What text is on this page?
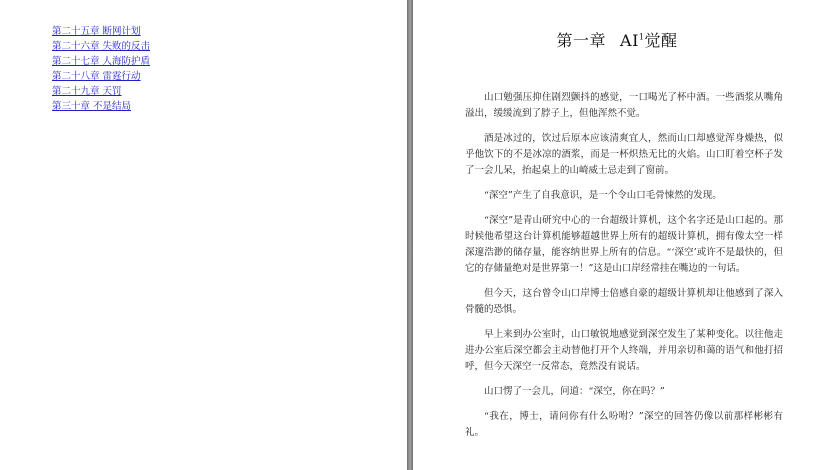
第二十五章 断网计划
第二十六章 失败的反击
第二十七章 人海防护盾
第二十八章 雷霆行动
第二十九章 天罚
第三十章 不是结局
第一章 $AI^1$觉醒

山口勉强压抑住剧烈颤抖的感觉，一口喝光了杯中酒。一些酒浆从嘴角溢出，缓缓流到了脖子上，但他浑然不觉。

酒是冰过的，饮过后原本应该清爽宜人，然而山口却感觉浑身燥热，似乎他饮下的不是冰凉的酒浆，而是一杯炽热无比的火焰。山口盯着空杯子发了一会儿呆，抬起桌上的山崎威士忌走到了窗前。

“深空”产生了自我意识，是一个令山口毛骨悚然的发现。

“深空”是青山研究中心的一台超级计算机，这个名字还是山口起的。那时候他希望这台计算机能够超越世界上所有的超级计算机，拥有像太空一样深邃浩渺的储存量，能容纳世界上所有的信息。“‘深空’或许不是最快的，但它的存储量绝对是世界第一！”这是山口岸经常挂在嘴边的一句话。

但今天，这台曾令山口岸博士倍感自豪的超级计算机却让他感到了深入骨髓的恐惧。

早上来到办公室时，山口敏锐地感觉到深空发生了某种变化。以往他走进办公室后深空都会主动替他打开个人终端，并用亲切和蔼的语气和他打招呼，但今天深空一反常态，竟然没有说话。

山口愣了一会儿，问道：“深空，你在吗？”

“我在，博士，请问你有什么吩咐？”深空的回答仍像以前那样彬彬有礼。
